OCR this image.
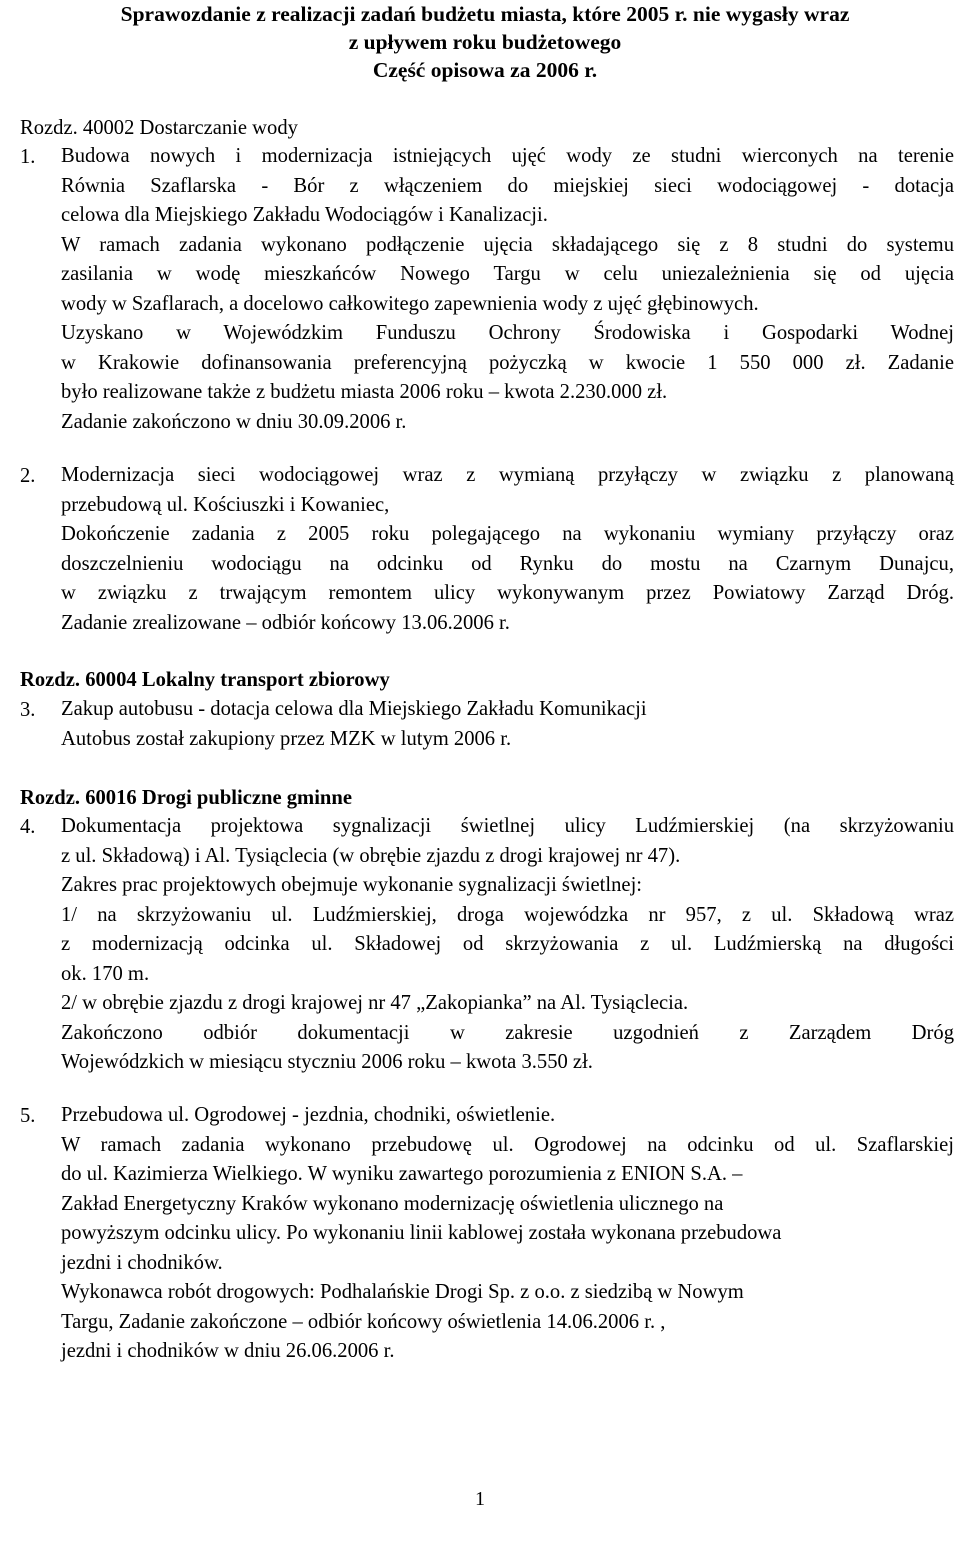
Sprawozdanie z realizacji zadań budżetu miasta, które 2005 r. nie wygasły wraz
z upływem roku budżetowego
Część opisowa za 2006 r.
Rozdz. 40002 Dostarczanie wody
1. Budowa nowych i modernizacja istniejących ujęć wody ze studni wierconych na terenie
Równia Szaflarska - Bór z włączeniem do miejskiej sieci wodociągowej - dotacja
celowa dla Miejskiego Zakładu Wodociągów i Kanalizacji.
W ramach zadania wykonano podłączenie ujęcia składającego się z 8 studni do systemu
zasilania w wodę mieszkańców Nowego Targu w celu uniezależnienia się od ujęcia
wody w Szaflarach, a docelowo całkowitego zapewnienia wody z ujęć głębinowych.
Uzyskano w Wojewódzkim Funduszu Ochrony Środowiska i Gospodarki Wodnej
w Krakowie dofinansowania preferencyjną pożyczką w kwocie 1 550 000 zł. Zadanie
było realizowane także z budżetu miasta 2006 roku – kwota 2.230.000 zł.
Zadanie zakończono w dniu 30.09.2006 r.
2. Modernizacja sieci wodociągowej wraz z wymianą przyłączy w związku z planowaną
przebudową ul. Kościuszki i Kowaniec,
Dokończenie zadania z 2005 roku polegającego na wykonaniu wymiany przyłączy oraz
doszczelnieniu wodociągu na odcinku od Rynku do mostu na Czarnym Dunajcu,
w związku z trwającym remontem ulicy wykonywanym przez Powiatowy Zarząd Dróg.
Zadanie zrealizowane – odbiór końcowy 13.06.2006 r.
Rozdz. 60004 Lokalny transport zbiorowy
3. Zakup autobusu - dotacja celowa dla Miejskiego Zakładu Komunikacji
Autobus został zakupiony przez MZK w lutym 2006 r.
Rozdz. 60016 Drogi publiczne gminne
4. Dokumentacja projektowa sygnalizacji świetlnej ulicy Ludźmierskiej (na skrzyżowaniu
z ul. Składową) i Al. Tysiąclecia (w obrębie zjazdu z drogi krajowej nr 47).
Zakres prac projektowych obejmuje wykonanie sygnalizacji świetlnej:
1/ na skrzyżowaniu ul. Ludźmierskiej, droga wojewódzka nr 957, z ul. Składową wraz
z modernizacją odcinka ul. Składowej od skrzyżowania z ul. Ludźmierską na długości
ok. 170 m.
2/ w obrębie zjazdu z drogi krajowej nr 47 „Zakopianka” na Al. Tysiąclecia.
Zakończono odbiór dokumentacji w zakresie uzgodnień z Zarządem Dróg
Wojewódzkich w miesiącu styczniu 2006 roku – kwota 3.550 zł.
5. Przebudowa ul. Ogrodowej - jezdnia, chodniki, oświetlenie.
W ramach zadania wykonano przebudowę ul. Ogrodowej na odcinku od ul. Szaflarskiej
do ul. Kazimierza Wielkiego. W wyniku zawartego porozumienia z ENION S.A. –
Zakład Energetyczny Kraków wykonano modernizację oświetlenia ulicznego na
powyższym odcinku ulicy. Po wykonaniu linii kablowej została wykonana przebudowa
jezdni i chodników.
Wykonawca robót drogowych: Podhalańskie Drogi Sp. z o.o. z siedzibą w Nowym
Targu, Zadanie zakończone – odbiór końcowy oświetlenia 14.06.2006 r. ,
jezdni i chodników w dniu 26.06.2006 r.
1
